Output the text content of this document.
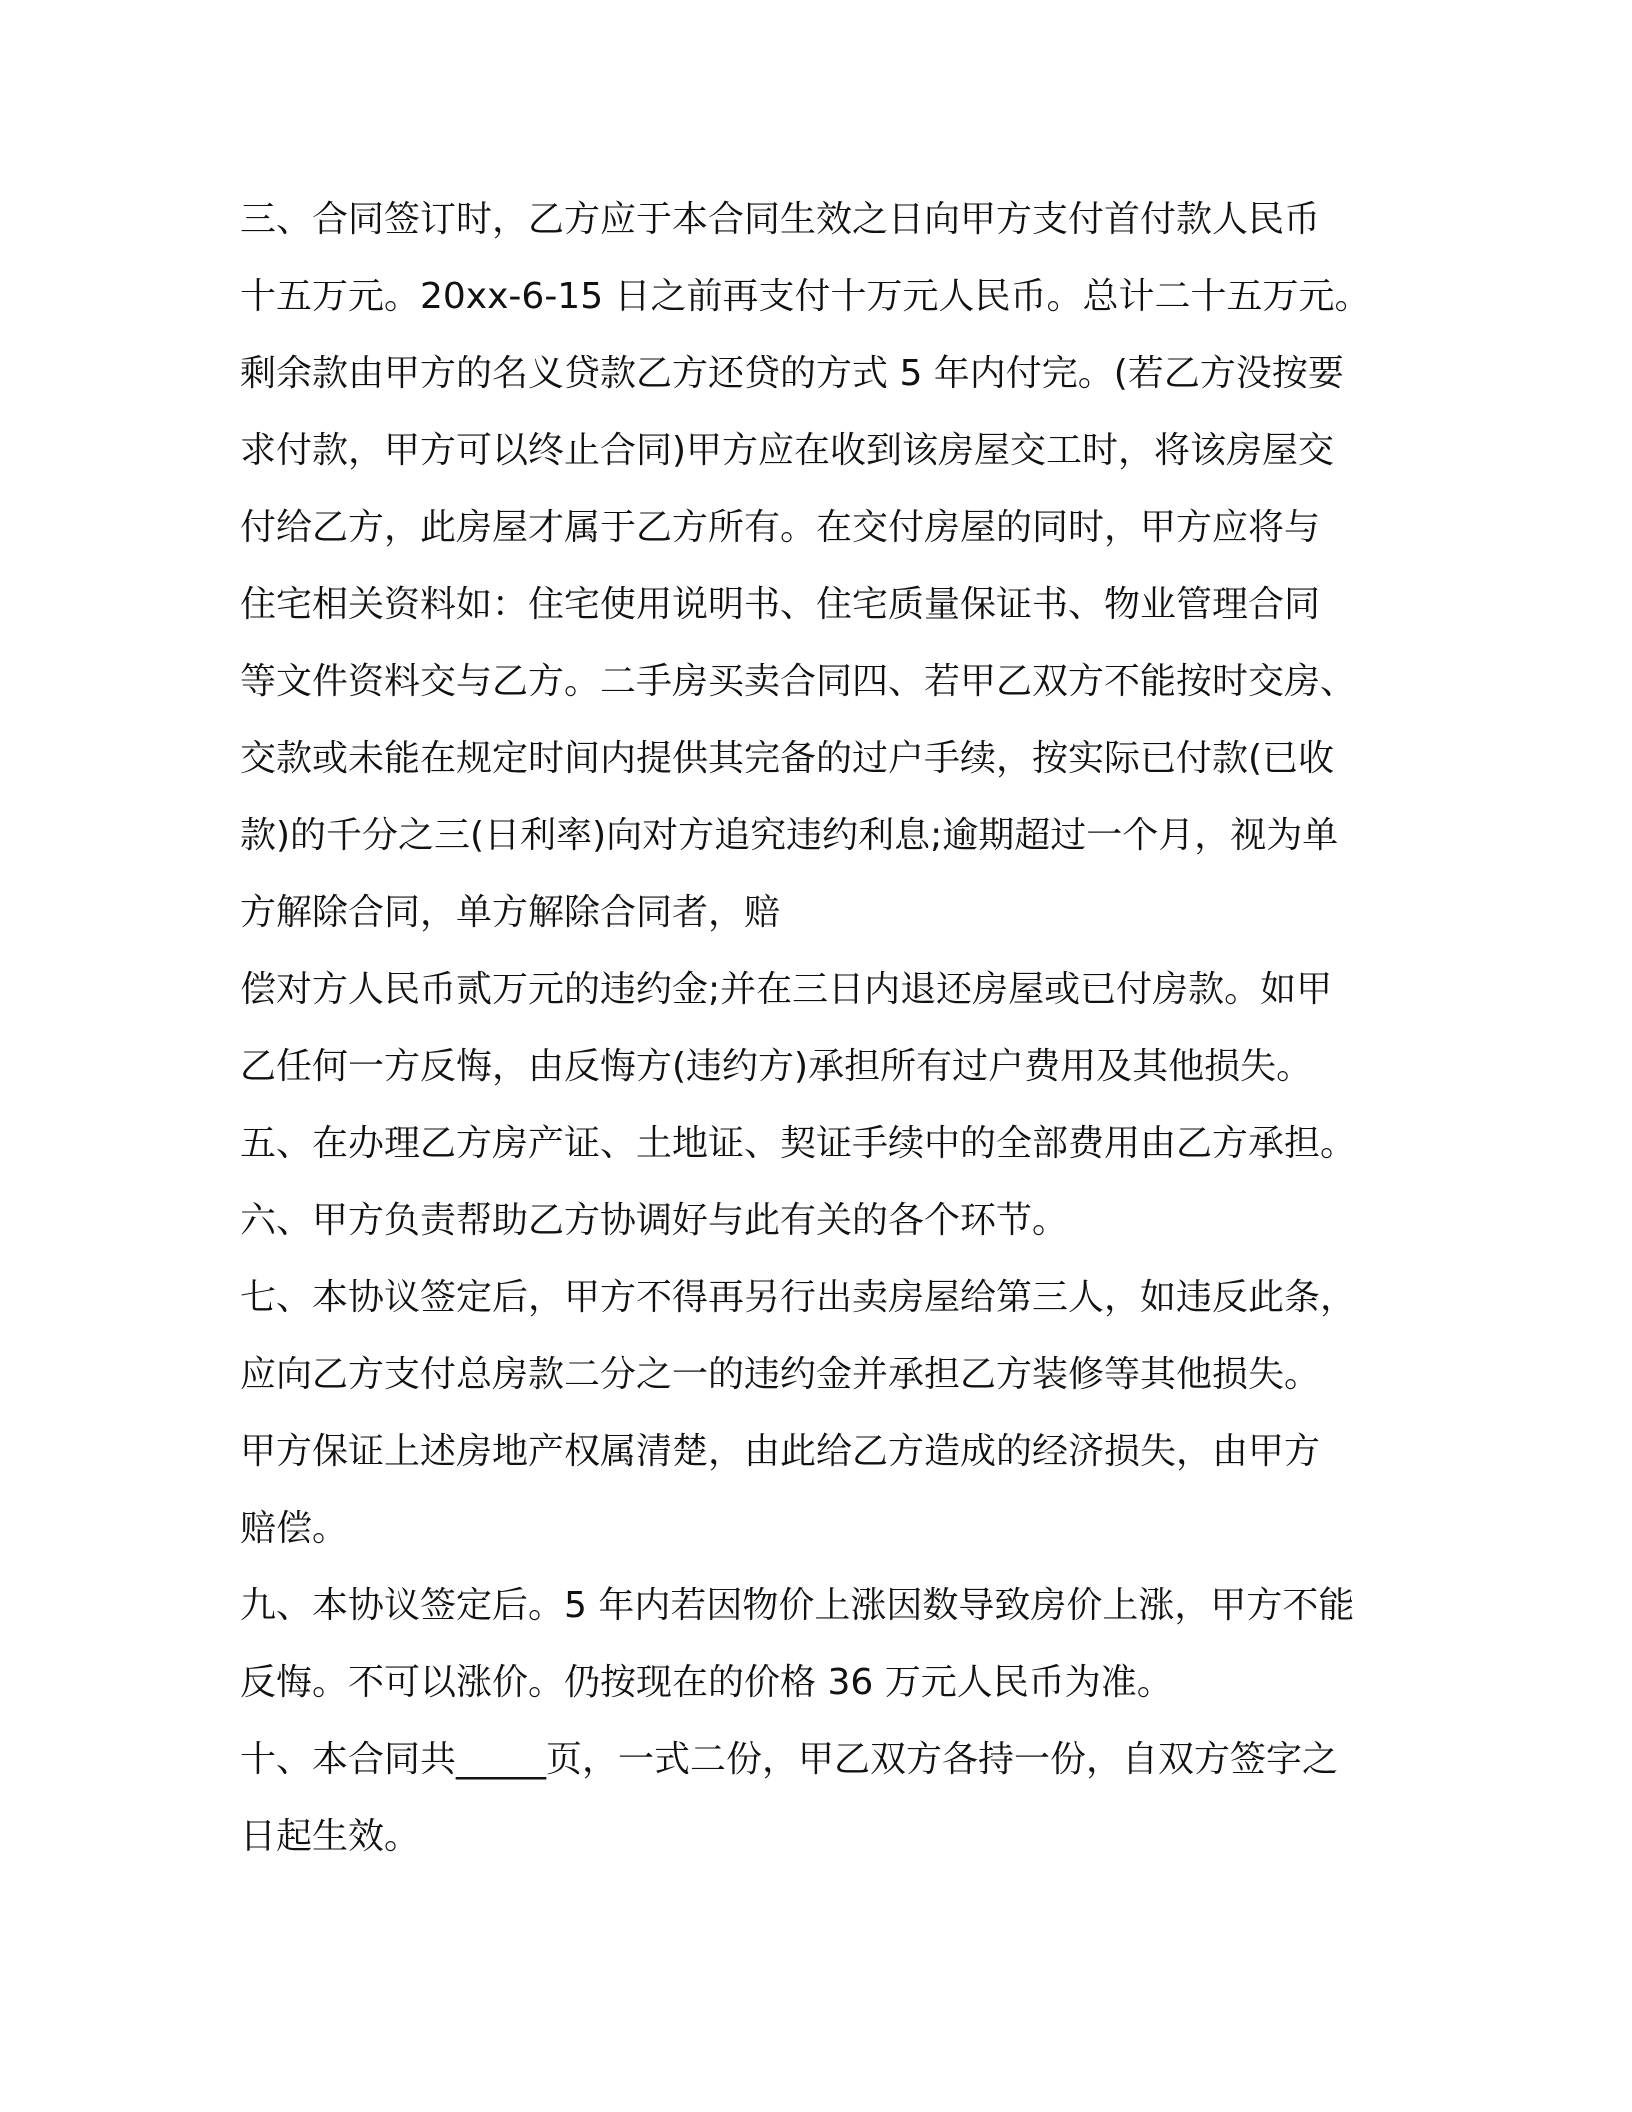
三、合同签订时，乙方应于本合同生效之日向甲方支付首付款人民币
十五万元。20xx-6-15 日之前再支付十万元人民币。总计二十五万元。
剩余款由甲方的名义贷款乙方还贷的方式 5 年内付完。(若乙方没按要
求付款，甲方可以终止合同)甲方应在收到该房屋交工时，将该房屋交
付给乙方，此房屋才属于乙方所有。在交付房屋的同时，甲方应将与
住宅相关资料如：住宅使用说明书、住宅质量保证书、物业管理合同
等文件资料交与乙方。二手房买卖合同四、若甲乙双方不能按时交房、
交款或未能在规定时间内提供其完备的过户手续，按实际已付款(已收
款)的千分之三(日利率)向对方追究违约利息;逾期超过一个月，视为单
方解除合同，单方解除合同者，赔
偿对方人民币贰万元的违约金;并在三日内退还房屋或已付房款。如甲
乙任何一方反悔，由反悔方(违约方)承担所有过户费用及其他损失。
五、在办理乙方房产证、土地证、契证手续中的全部费用由乙方承担。
六、甲方负责帮助乙方协调好与此有关的各个环节。
七、本协议签定后，甲方不得再另行出卖房屋给第三人，如违反此条，
应向乙方支付总房款二分之一的违约金并承担乙方装修等其他损失。
甲方保证上述房地产权属清楚，由此给乙方造成的经济损失，由甲方
赔偿。
九、本协议签定后。5 年内若因物价上涨因数导致房价上涨，甲方不能
反悔。不可以涨价。仍按现在的价格 36 万元人民币为准。
十、本合同共_____页，一式二份，甲乙双方各持一份，自双方签字之
日起生效。
